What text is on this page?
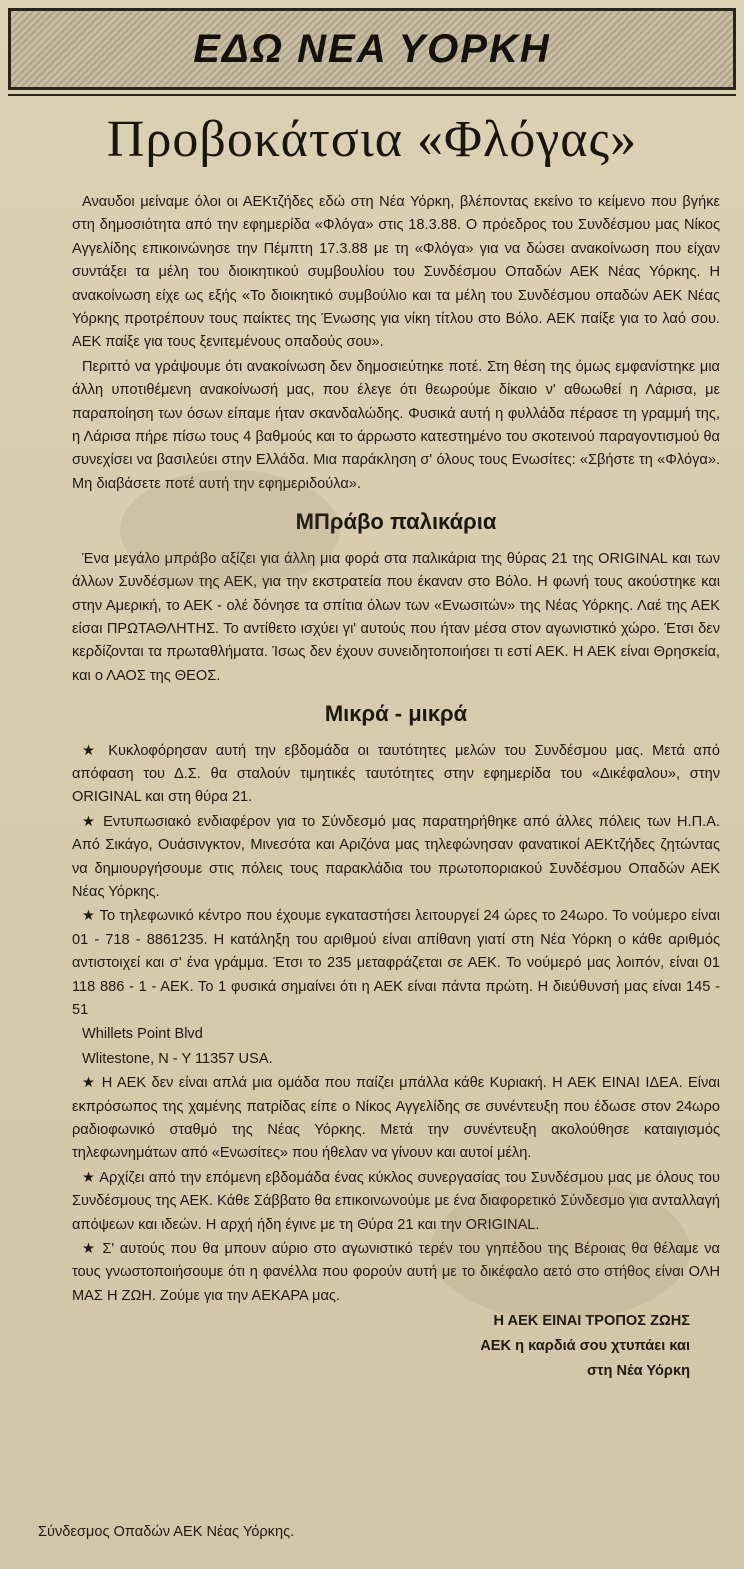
ΕΔΩ ΝΕΑ ΥΟΡΚΗ
Προβοκάτσια «Φλόγας»

Αναυδοι μείναμε όλοι οι ΑΕΚτζήδες εδώ στη Νέα Υόρκη, βλέποντας εκείνο το κείμενο που βγήκε στη δημοσιότητα από την εφημερίδα «Φλόγα» στις 18.3.88. Ο πρόεδρος του Συνδέσμου μας Νίκος Αγγελίδης επικοινώνησε την Πέμπτη 17.3.88 με τη «Φλόγα» για να δώσει ανακοίνωση που είχαν συντάξει τα μέλη του διοικητικού συμβουλίου του Συνδέσμου Οπαδών ΑΕΚ Νέας Υόρκης. Η ανακοίνωση είχε ως εξής «Το διοικητικό συμβούλιο και τα μέλη του Συνδέσμου οπαδών ΑΕΚ Νέας Υόρκης προτρέπουν τους παίκτες της Ένωσης για νίκη τίτλου στο Βόλο. ΑΕΚ παίξε για το λαό σου. ΑΕΚ παίξε για τους ξενιτεμένους οπαδούς σου».

Περιττό να γράψουμε ότι ανακοίνωση δεν δημοσιεύτηκε ποτέ. Στη θέση της όμως εμφανίστηκε μια άλλη υποτιθέμενη ανακοίνωσή μας, που έλεγε ότι θεωρούμε δίκαιο ν' αθωωθεί η Λάρισα, με παραποίηση των όσων είπαμε ήταν σκανδαλώδης. Φυσικά αυτή η φυλλάδα πέρασε τη γραμμή της, η Λάρισα πήρε πίσω τους 4 βαθμούς και το άρρωστο κατεστημένο του σκοτεινού παραγοντισμού θα συνεχίσει να βασιλεύει στην Ελλάδα. Μια παράκληση σ' όλους τους Ενωσίτες: «Σβήστε τη «Φλόγα». Μη διαβάσετε ποτέ αυτή την εφημεριδούλα».

ΜΠράβο παλικάρια

Ένα μεγάλο μπράβο αξίζει για άλλη μια φορά στα παλικάρια της θύρας 21 της ORIGINAL και των άλλων Συνδέσμων της ΑΕΚ, για την εκστρατεία που έκαναν στο Βόλο. Η φωνή τους ακούστηκε και στην Αμερική, το ΑΕΚ - ολέ δόνησε τα σπίτια όλων των «Ενωσιτών» της Νέας Υόρκης. Λαέ της ΑΕΚ είσαι ΠΡΩΤΑΘΛΗΤΗΣ. Το αντίθετο ισχύει γι' αυτούς που ήταν μέσα στον αγωνιστικό χώρο. Έτσι δεν κερδίζονται τα πρωταθλήματα. Ίσως δεν έχουν συνειδητοποιήσει τι εστί ΑΕΚ. Η ΑΕΚ είναι Θρησκεία, και ο ΛΑΟΣ της ΘΕΟΣ.

Μικρά - μικρά

★ Κυκλοφόρησαν αυτή την εβδομάδα οι ταυτότητες μελών του Συνδέσμου μας. Μετά από απόφαση του Δ.Σ. θα σταλούν τιμητικές ταυτότητες στην εφημερίδα του «Δικέφαλου», στην ORIGINAL και στη θύρα 21.

★ Εντυπωσιακό ενδιαφέρον για το Σύνδεσμό μας παρατηρήθηκε από άλλες πόλεις των Η.Π.Α. Από Σικάγο, Ουάσινγκτον, Μινεσότα και Αριζόνα μας τηλεφώνησαν φανατικοί ΑΕΚτζήδες ζητώντας να δημιουργήσουμε στις πόλεις τους παρακλάδια του πρωτοποριακού Συνδέσμου Οπαδών ΑΕΚ Νέας Υόρκης.

★ Το τηλεφωνικό κέντρο που έχουμε εγκαταστήσει λειτουργεί 24 ώρες το 24ωρο. Το νούμερο είναι 01 - 718 - 8861235. Η κατάληξη του αριθμού είναι απίθανη γιατί στη Νέα Υόρκη ο κάθε αριθμός αντιστοιχεί και σ' ένα γράμμα. Έτσι το 235 μεταφράζεται σε ΑΕΚ. Το νούμερό μας λοιπόν, είναι 01 118 886 - 1 - ΑΕΚ. Το 1 φυσικά σημαίνει ότι η ΑΕΚ είναι πάντα πρώτη. Η διεύθυνσή μας είναι 145 - 51

Whillets Point Blvd

Wlitestone, N - Y 11357 USA.

★ Η ΑΕΚ δεν είναι απλά μια ομάδα που παίζει μπάλλα κάθε Κυριακή. Η ΑΕΚ ΕΙΝΑΙ ΙΔΕΑ. Είναι εκπρόσωπος της χαμένης πατρίδας είπε ο Νίκος Αγγελίδης σε συνέντευξη που έδωσε στον 24ωρο ραδιοφωνικό σταθμό της Νέας Υόρκης. Μετά την συνέντευξη ακολούθησε καταιγισμός τηλεφωνημάτων από «Ενωσίτες» που ήθελαν να γίνουν και αυτοί μέλη.

★ Αρχίζει από την επόμενη εβδομάδα ένας κύκλος συνεργασίας του Συνδέσμου μας με όλους του Συνδέσμους της ΑΕΚ. Κάθε Σάββατο θα επικοινωνούμε με ένα διαφορετικό Σύνδεσμο για ανταλλαγή απόψεων και ιδεών. Η αρχή ήδη έγινε με τη Θύρα 21 και την ORIGINAL.

★ Σ' αυτούς που θα μπουν αύριο στο αγωνιστικό τερέν του γηπέδου της Βέροιας θα θέλαμε να τους γνωστοποιήσουμε ότι η φανέλλα που φορούν αυτή με το δικέφαλο αετό στο στήθος είναι ΟΛΗ ΜΑΣ Η ΖΩΗ. Ζούμε για την ΑΕΚΑΡΑ μας.

Η ΑΕΚ ΕΙΝΑΙ ΤΡΟΠΟΣ ΖΩΗΣ
ΑΕΚ η καρδιά σου χτυπάει και
στη Νέα Υόρκη
Σύνδεσμος Οπαδών ΑΕΚ Νέας Υόρκης.
